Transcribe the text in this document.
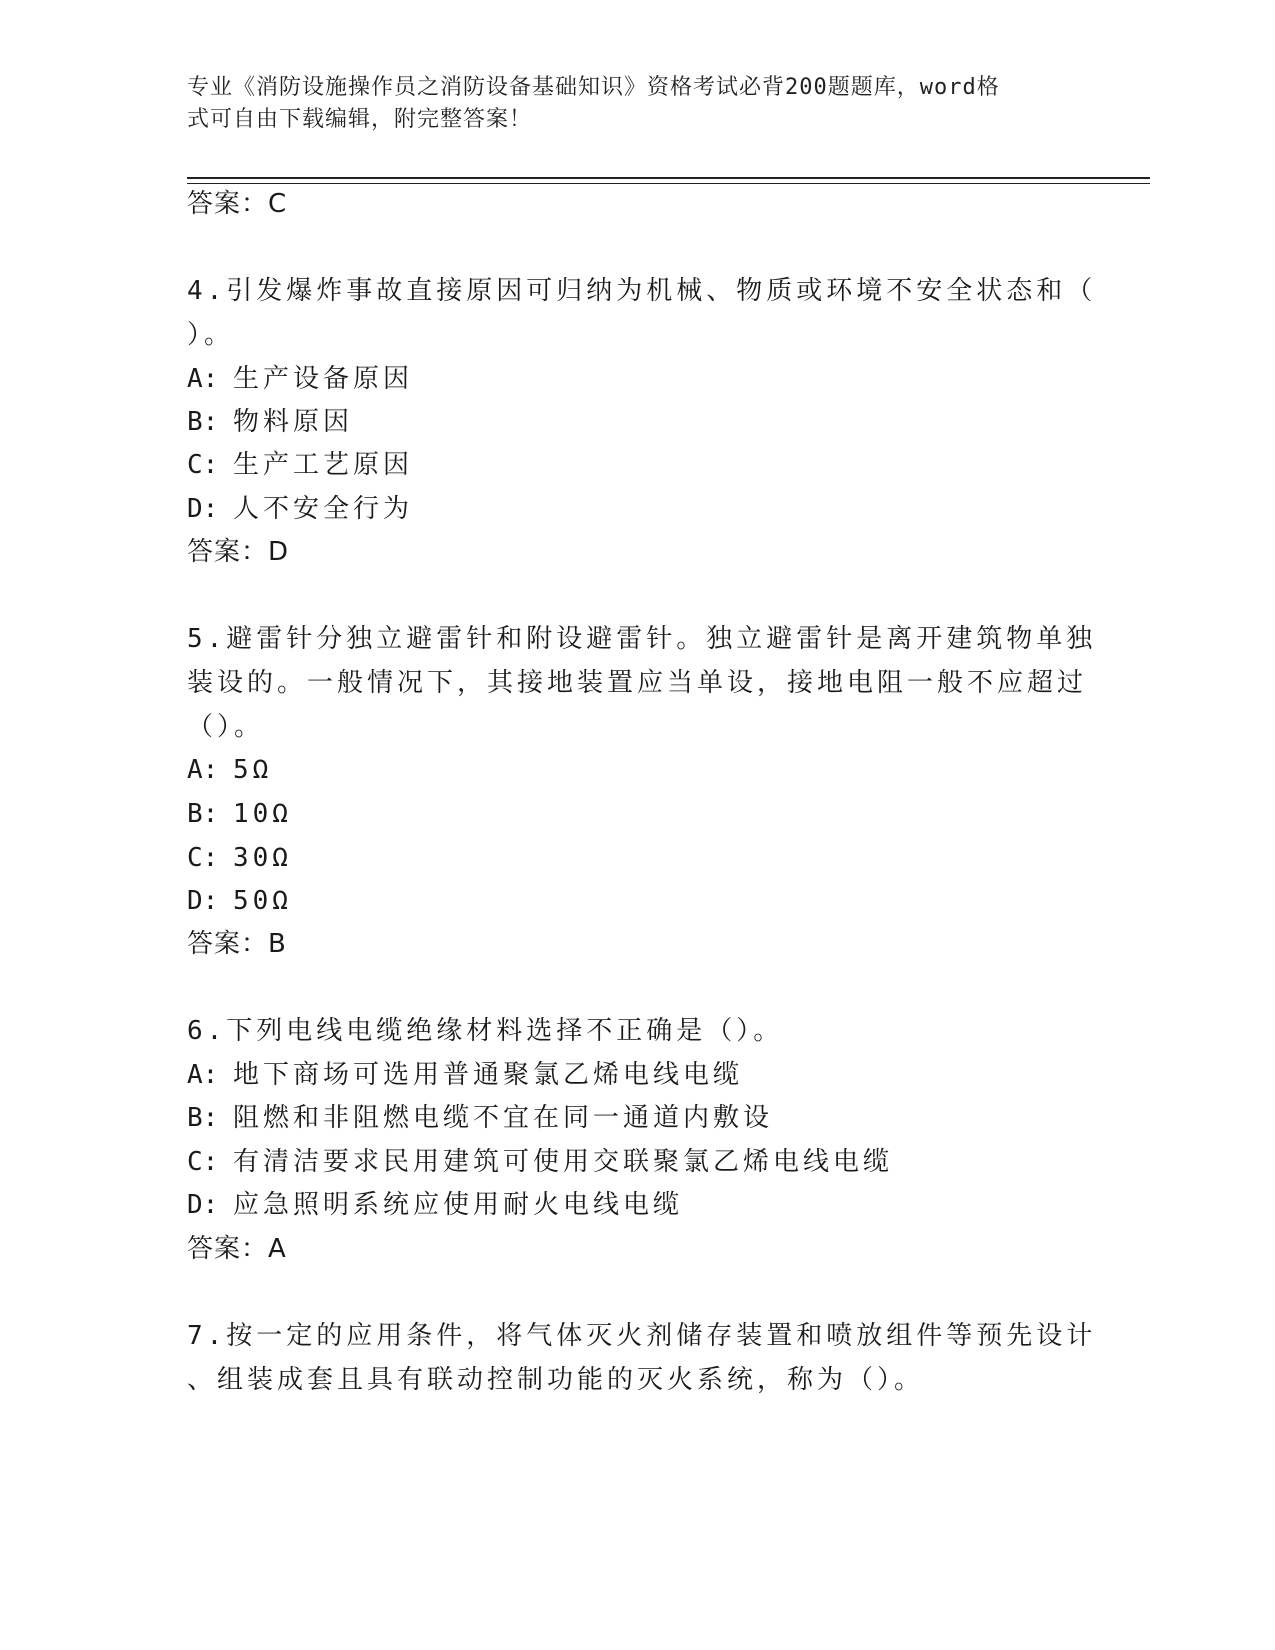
专业《消防设施操作员之消防设备基础知识》资格考试必背200题题库，word格
式可自由下载编辑，附完整答案！
答案：C
4.引发爆炸事故直接原因可归纳为机械、物质或环境不安全状态和（
）。
A: 生产设备原因
B: 物料原因
C: 生产工艺原因
D: 人不安全行为
答案：D
5.避雷针分独立避雷针和附设避雷针。独立避雷针是离开建筑物单独
装设的。一般情况下，其接地装置应当单设，接地电阻一般不应超过
（）。
A: 5Ω
B: 10Ω
C: 30Ω
D: 50Ω
答案：B
6.下列电线电缆绝缘材料选择不正确是（）。
A: 地下商场可选用普通聚氯乙烯电线电缆
B: 阻燃和非阻燃电缆不宜在同一通道内敷设
C: 有清洁要求民用建筑可使用交联聚氯乙烯电线电缆
D: 应急照明系统应使用耐火电线电缆
答案：A
7.按一定的应用条件，将气体灭火剂储存装置和喷放组件等预先设计
、组装成套且具有联动控制功能的灭火系统，称为（）。
